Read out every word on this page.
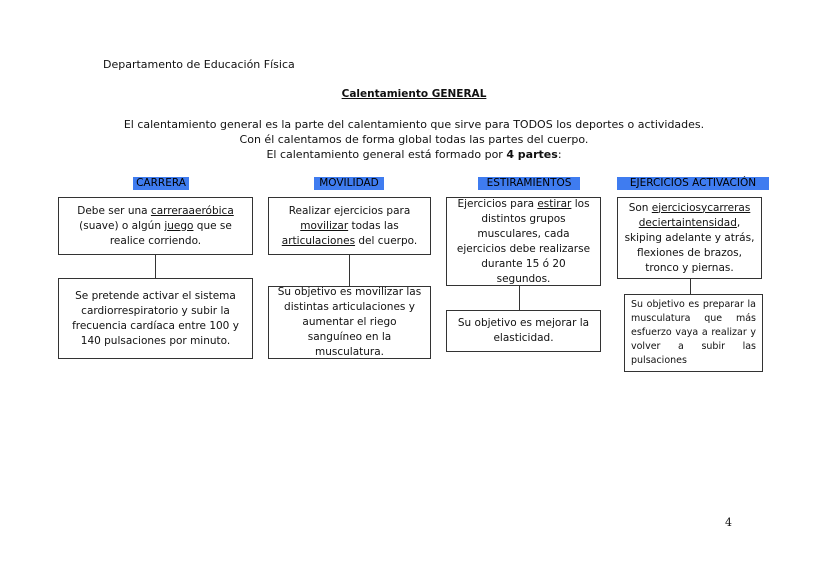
Departamento de Educación Física
Calentamiento GENERAL
El calentamiento general es la parte del calentamiento que sirve para TODOS los deportes o actividades.
Con él calentamos de forma global todas las partes del cuerpo.
El calentamiento general está formado por 4 partes:
CARRERA
Debe ser una carreraaeróbica (suave) o algún juego que se realice corriendo.
Se pretende activar el sistema cardiorrespiratorio y subir la frecuencia cardíaca entre 100 y 140 pulsaciones por minuto.
MOVILIDAD
Realizar ejercicios para movilizar todas las articulaciones del cuerpo.
Su objetivo es movilizar las distintas articulaciones y aumentar el riego sanguíneo en la musculatura.
ESTIRAMIENTOS
Ejercicios para estirar los distintos grupos musculares, cada ejercicios debe realizarse durante 15 ó 20 segundos.
Su objetivo es mejorar la elasticidad.
EJERCICIOS ACTIVACIÓN
Son ejerciciosycarreras deciertaintensidad, skiping adelante y atrás, flexiones de brazos, tronco y piernas.
Su objetivo es preparar la musculatura que más esfuerzo vaya a realizar y volver a subir las pulsaciones
4
